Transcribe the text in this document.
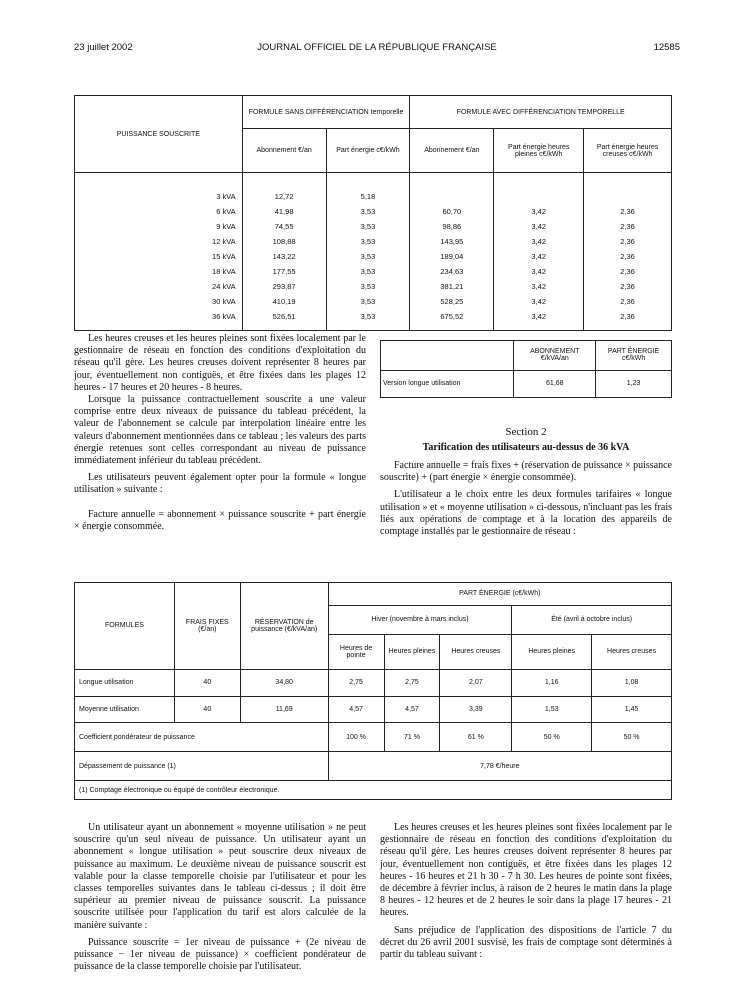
23 juillet 2002	JOURNAL OFFICIEL DE LA RÉPUBLIQUE FRANÇAISE	12585
PUISSANCE SOUSCRITE	FORMULE SANS DIFFÉRENCIATION temporelle		FORMULE AVEC DIFFÉRENCIATION TEMPORELLE		
	Abonnement €/an	Part énergie c€/kWh	Abonnement €/an	Part énergie heures pleines c€/kWh	Part énergie heures creuses c€/kWh

3 kVA	12,72	5,18			
6 kVA	41,98	3,53	60,70	3,42	2,36
9 kVA	74,55	3,53	98,86	3,42	2,36
12 kVA	108,88	3,53	143,95	3,42	2,36
15 kVA	143,22	3,53	189,04	3,42	2,36
18 kVA	177,55	3,53	234,63	3,42	2,36
24 kVA	293,87	3,53	381,21	3,42	2,36
30 kVA	410,19	3,53	528,25	3,42	2,36
36 kVA	526,51	3,53	675,52	3,42	2,36

Les heures creuses et les heures pleines sont fixées localement par le gestionnaire de réseau en fonction des conditions d'exploitation du réseau qu'il gère. Les heures creuses doivent représenter 8 heures par jour, éventuellement non contiguës, et être fixées dans les plages 12 heures - 17 heures et 20 heures - 8 heures.

Lorsque la puissance contractuellement souscrite a une valeur comprise entre deux niveaux de puissance du tableau précédent, la valeur de l'abonnement se calcule par interpolation linéaire entre les valeurs d'abonnement mentionnées dans ce tableau ; les valeurs des parts énergie retenues sont celles correspondant au niveau de puissance immédiatement inférieur du tableau précédent.

Les utilisateurs peuvent également opter pour la formule « longue utilisation » suivante :

Facture annuelle = abonnement × puissance souscrite + part énergie × énergie consommée.

	ABONNEMENT €/kVA/an	PART ÉNERGIE c€/kWh
Version longue utilisation	61,68	1,23
Section 2
Tarification des utilisateurs au-dessus de 36 kVA

Facture annuelle = frais fixes + (réservation de puissance × puissance souscrite) + (part énergie × énergie consommée).

L'utilisateur a le choix entre les deux formules tarifaires « longue utilisation » et « moyenne utilisation » ci-dessous, n'incluant pas les frais liés aux opérations de comptage et à la location des appareils de comptage installés par le gestionnaire de réseau :

FORMULES	FRAIS FIXES (€/an)	RÉSERVATION de puissance (€/kVA/an)	PART ÉNERGIE (c€/kWh)				
			Hiver (novembre à mars inclus)			Été (avril à octobre inclus)	
			Heures de pointe	Heures pleines	Heures creuses	Heures pleines	Heures creuses
Longue utilisation	40	34,80	2,75	2,75	2,07	1,16	1,08
Moyenne utilisation	40	11,69	4,57	4,57	3,39	1,53	1,45
Coefficient pondérateur de puissance			100 %	71 %	61 %	50 %	50 %
Dépassement de puissance (1)			7,78 €/heure				
(1) Comptage électronique ou équipé de contrôleur électronique.							

Un utilisateur ayant un abonnement « moyenne utilisation » ne peut souscrire qu'un seul niveau de puissance. Un utilisateur ayant un abonnement « longue utilisation » peut souscrire deux niveaux de puissance au maximum. Le deuxième niveau de puissance souscrit est valable pour la classe temporelle choisie par l'utilisateur et pour les classes temporelles suivantes dans le tableau ci-dessus ; il doit être supérieur au premier niveau de puissance souscrit. La puissance souscrite utilisée pour l'application du tarif est alors calculée de la manière suivante :

Puissance souscrite = 1er niveau de puissance + (2e niveau de puissance − 1er niveau de puissance) × coefficient pondérateur de puissance de la classe temporelle choisie par l'utilisateur.

Les heures creuses et les heures pleines sont fixées localement par le gestionnaire de réseau en fonction des conditions d'exploitation du réseau qu'il gère. Les heures creuses doivent représenter 8 heures par jour, éventuellement non contiguës, et être fixées dans les plages 12 heures - 16 heures et 21 h 30 - 7 h 30. Les heures de pointe sont fixées, de décembre à février inclus, à raison de 2 heures le matin dans la plage 8 heures - 12 heures et de 2 heures le soir dans la plage 17 heures - 21 heures.

Sans préjudice de l'application des dispositions de l'article 7 du décret du 26 avril 2001 susvisé, les frais de comptage sont déterminés à partir du tableau suivant :
